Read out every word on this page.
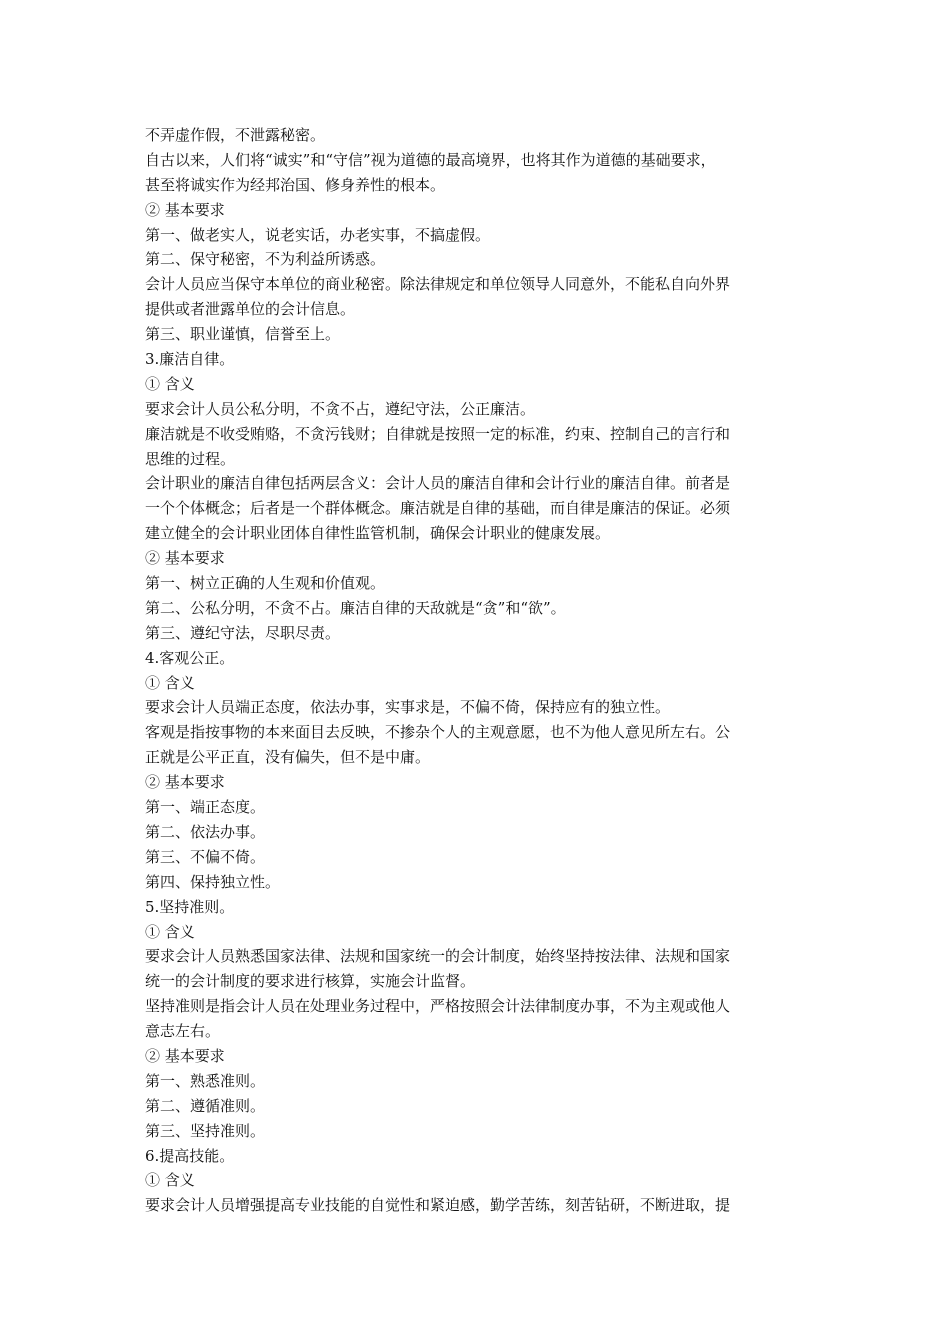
不弄虚作假，不泄露秘密。
自古以来，人们将“诚实”和“守信”视为道德的最高境界，也将其作为道德的基础要求，
甚至将诚实作为经邦治国、修身养性的根本。
② 基本要求
第一、做老实人，说老实话，办老实事，不搞虚假。
第二、保守秘密，不为利益所诱惑。
会计人员应当保守本单位的商业秘密。除法律规定和单位领导人同意外，不能私自向外界
提供或者泄露单位的会计信息。
第三、职业谨慎，信誉至上。
3.廉洁自律。
① 含义
要求会计人员公私分明，不贪不占，遵纪守法，公正廉洁。
廉洁就是不收受贿赂，不贪污钱财；自律就是按照一定的标准，约束、控制自己的言行和
思维的过程。
会计职业的廉洁自律包括两层含义：会计人员的廉洁自律和会计行业的廉洁自律。前者是
一个个体概念；后者是一个群体概念。廉洁就是自律的基础，而自律是廉洁的保证。必须
建立健全的会计职业团体自律性监管机制，确保会计职业的健康发展。
② 基本要求
第一、树立正确的人生观和价值观。
第二、公私分明，不贪不占。廉洁自律的天敌就是“贪”和“欲”。
第三、遵纪守法，尽职尽责。
4.客观公正。
① 含义
要求会计人员端正态度，依法办事，实事求是，不偏不倚，保持应有的独立性。
客观是指按事物的本来面目去反映，不掺杂个人的主观意愿，也不为他人意见所左右。公
正就是公平正直，没有偏失，但不是中庸。
② 基本要求
第一、端正态度。
第二、依法办事。
第三、不偏不倚。
第四、保持独立性。
5.坚持准则。
① 含义
要求会计人员熟悉国家法律、法规和国家统一的会计制度，始终坚持按法律、法规和国家
统一的会计制度的要求进行核算，实施会计监督。
坚持准则是指会计人员在处理业务过程中，严格按照会计法律制度办事，不为主观或他人
意志左右。
② 基本要求
第一、熟悉准则。
第二、遵循准则。
第三、坚持准则。
6.提高技能。
① 含义
要求会计人员增强提高专业技能的自觉性和紧迫感，勤学苦练，刻苦钻研，不断进取，提
